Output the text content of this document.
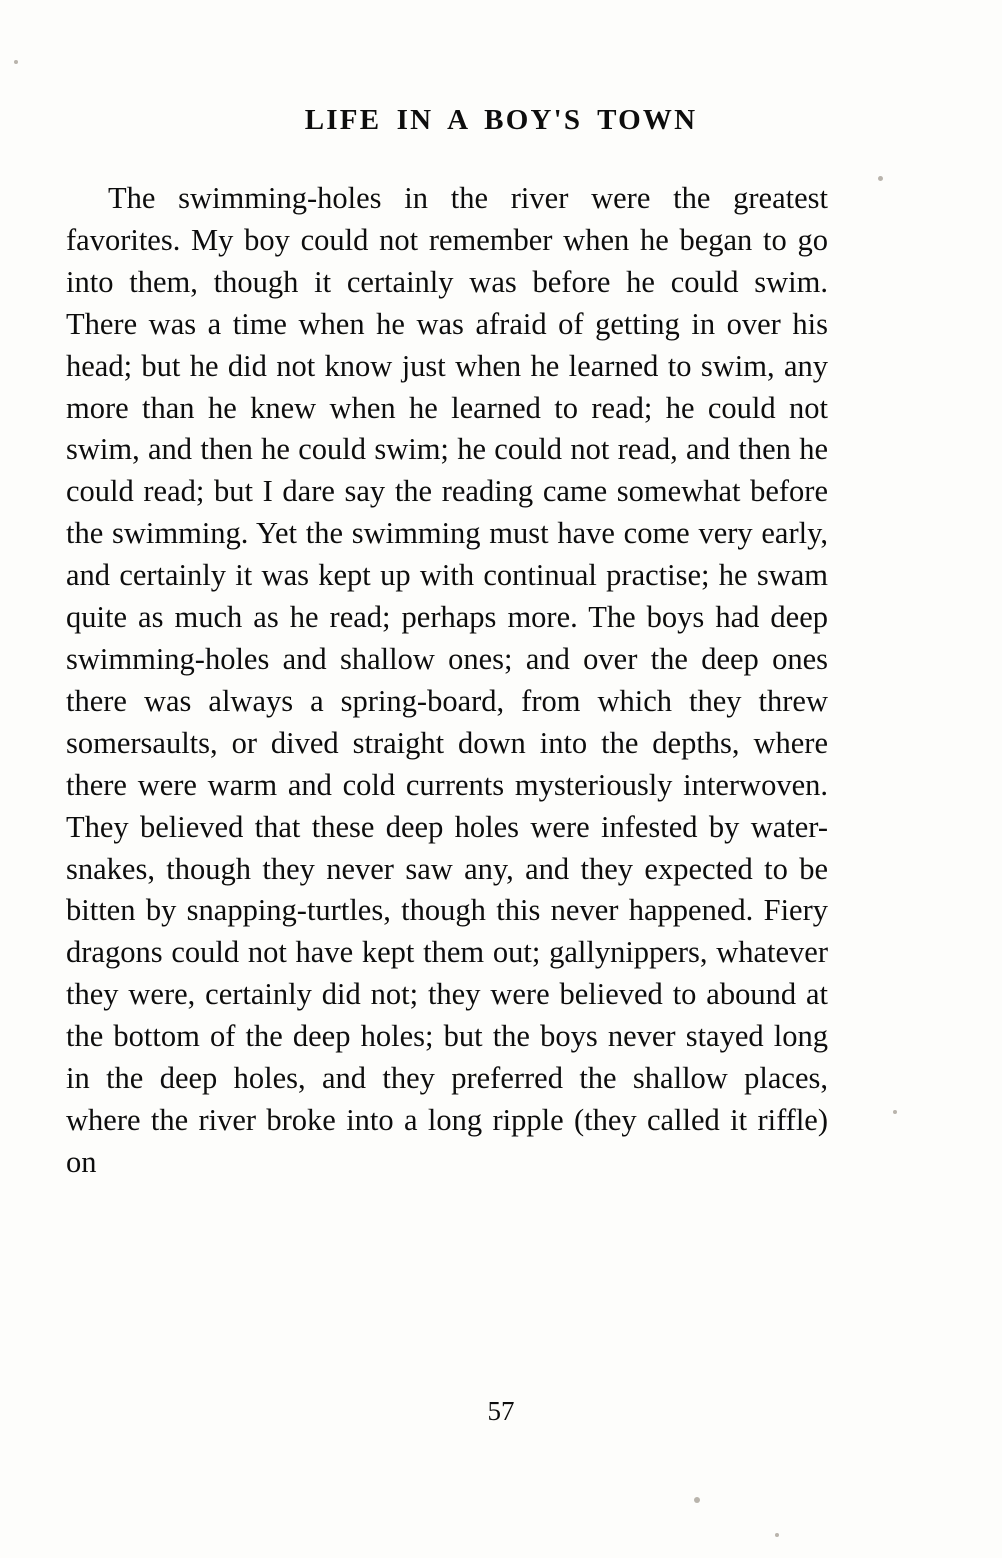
LIFE IN A BOY'S TOWN

The swimming-holes in the river were the greatest favorites. My boy could not remember when he began to go into them, though it certainly was before he could swim. There was a time when he was afraid of getting in over his head; but he did not know just when he learned to swim, any more than he knew when he learned to read; he could not swim, and then he could swim; he could not read, and then he could read; but I dare say the reading came somewhat before the swimming. Yet the swimming must have come very early, and certainly it was kept up with continual practise; he swam quite as much as he read; perhaps more. The boys had deep swimming-holes and shallow ones; and over the deep ones there was always a spring-board, from which they threw somersaults, or dived straight down into the depths, where there were warm and cold currents mysteriously interwoven. They believed that these deep holes were infested by water-snakes, though they never saw any, and they expected to be bitten by snapping-turtles, though this never happened. Fiery dragons could not have kept them out; gallynippers, whatever they were, certainly did not; they were believed to abound at the bottom of the deep holes; but the boys never stayed long in the deep holes, and they preferred the shallow places, where the river broke into a long ripple (they called it riffle) on

57
